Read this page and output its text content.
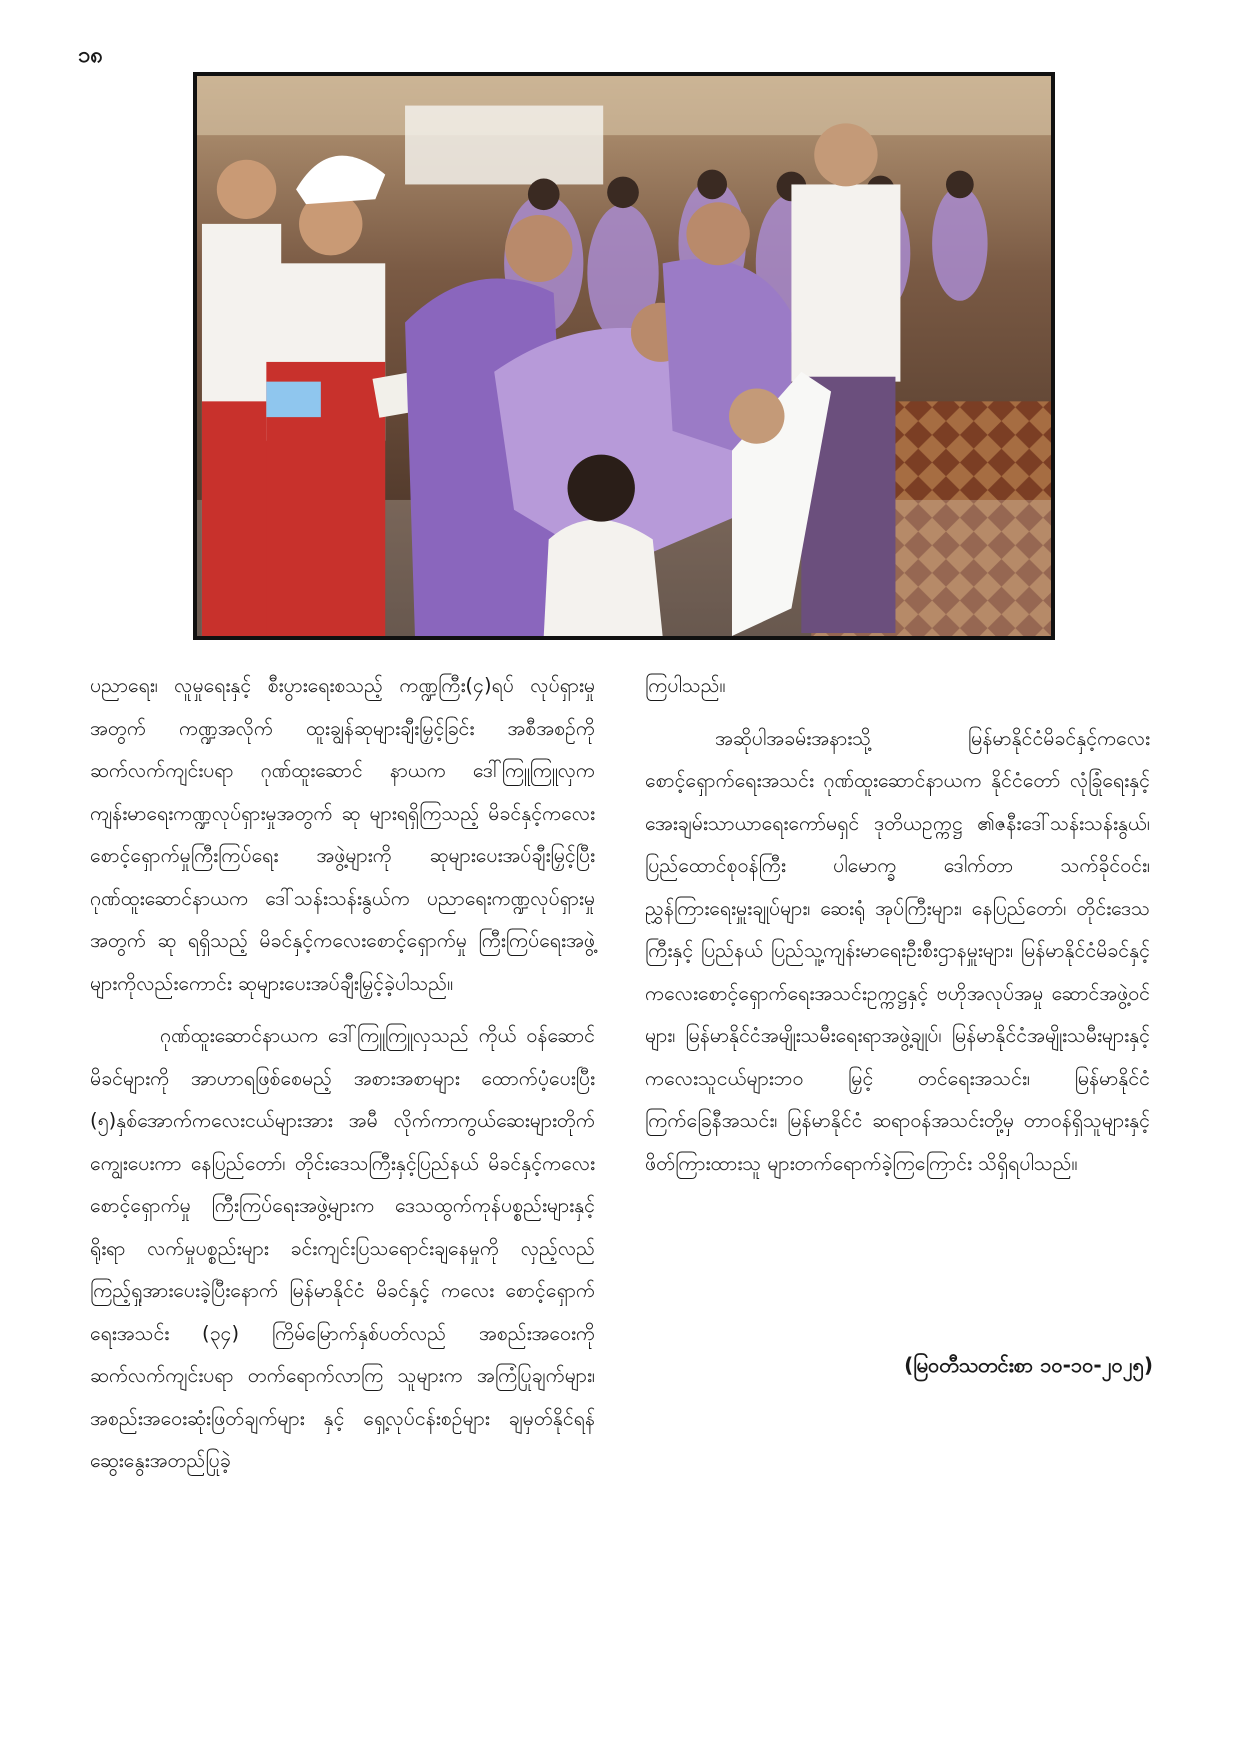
၁၈

ပညာရေး၊ လူမှုရေးနှင့် စီးပွားရေးစသည့် ကဏ္ဍကြီး(၄)ရပ် လုပ်ရှားမှုအတွက် ကဏ္ဍအလိုက် ထူးချွန်ဆုများချီးမြှင့်ခြင်း အစီအစဉ်ကို ဆက်လက်ကျင်းပရာ ဂုဏ်ထူးဆောင် နာယက ဒေါ်ကြူကြူလှက ကျန်းမာရေးကဏ္ဍလုပ်ရှားမှုအတွက် ဆု များရရှိကြသည့် မိခင်နှင့်ကလေးစောင့်ရှောက်မှုကြီးကြပ်ရေး အဖွဲ့များကို ဆုများပေးအပ်ချီးမြှင့်ပြီး ဂုဏ်ထူးဆောင်နာယက ဒေါ်သန်းသန်းနွယ်က ပညာရေးကဏ္ဍလုပ်ရှားမှုအတွက် ဆု ရရှိသည့် မိခင်နှင့်ကလေးစောင့်ရှောက်မှု ကြီးကြပ်ရေးအဖွဲ့ များကိုလည်းကောင်း ဆုများပေးအပ်ချီးမြှင့်ခဲ့ပါသည်။

ဂုဏ်ထူးဆောင်နာယက ဒေါ်ကြူကြူလှသည် ကိုယ် ဝန်ဆောင်မိခင်များကို အာဟာရဖြစ်စေမည့် အစားအစာများ ထောက်ပံ့ပေးပြီး (၅)နှစ်အောက်ကလေးငယ်များအား အမီ လိုက်ကာကွယ်ဆေးများတိုက်ကျွေးပေးကာ နေပြည်တော်၊ တိုင်းဒေသကြီးနှင့်ပြည်နယ် မိခင်နှင့်ကလေးစောင့်ရှောက်မှု ကြီးကြပ်ရေးအဖွဲ့များက ဒေသထွက်ကုန်ပစ္စည်းများနှင့် ရိုးရာ လက်မှုပစ္စည်းများ ခင်းကျင်းပြသရောင်းချနေမှုကို လှည့်လည် ကြည့်ရှုအားပေးခဲ့ပြီးနောက် မြန်မာနိုင်ငံ မိခင်နှင့် ကလေး စောင့်ရှောက်ရေးအသင်း (၃၄) ကြိမ်မြောက်နှစ်ပတ်လည် အစည်းအဝေးကို ဆက်လက်ကျင်းပရာ တက်ရောက်လာကြ သူများက အကြံပြုချက်များ၊ အစည်းအဝေးဆုံးဖြတ်ချက်များ နှင့် ရှေ့လုပ်ငန်းစဉ်များ ချမှတ်နိုင်ရန် ဆွေးနွေးအတည်ပြုခဲ့

ကြပါသည်။

အဆိုပါအခမ်းအနားသို့ မြန်မာနိုင်ငံမိခင်နှင့်ကလေး စောင့်ရှောက်ရေးအသင်း ဂုဏ်ထူးဆောင်နာယက နိုင်ငံတော် လုံခြုံရေးနှင့်အေးချမ်းသာယာရေးကော်မရှင် ဒုတိယဥက္ကဋ္ဌ ၏ဇနီးဒေါ်သန်းသန်းနွယ်၊ ပြည်ထောင်စုဝန်ကြီး ပါမောက္ခ ဒေါက်တာ သက်ခိုင်ဝင်း၊ ညွှန်ကြားရေးမှူးချုပ်များ၊ ဆေးရုံ အုပ်ကြီးများ၊ နေပြည်တော်၊ တိုင်းဒေသကြီးနှင့် ပြည်နယ် ပြည်သူ့ကျန်းမာရေးဦးစီးဌာနမှူးများ၊ မြန်မာနိုင်ငံမိခင်နှင့် ကလေးစောင့်ရှောက်ရေးအသင်းဥက္ကဋ္ဌနှင့် ဗဟိုအလုပ်အမှု ဆောင်အဖွဲ့ဝင်များ၊ မြန်မာနိုင်ငံအမျိုးသမီးရေးရာအဖွဲ့ချုပ်၊ မြန်မာနိုင်ငံအမျိုးသမီးများနှင့် ကလေးသူငယ်များဘဝ မြှင့် တင်ရေးအသင်း၊ မြန်မာနိုင်ငံကြက်ခြေနီအသင်း၊ မြန်မာနိုင်ငံ ဆရာဝန်အသင်းတို့မှ တာဝန်ရှိသူများနှင့် ဖိတ်ကြားထားသူ များတက်ရောက်ခဲ့ကြကြောင်း သိရှိရပါသည်။

(မြဝတီသတင်းစာ ၁၀-၁၀-၂၀၂၅)
